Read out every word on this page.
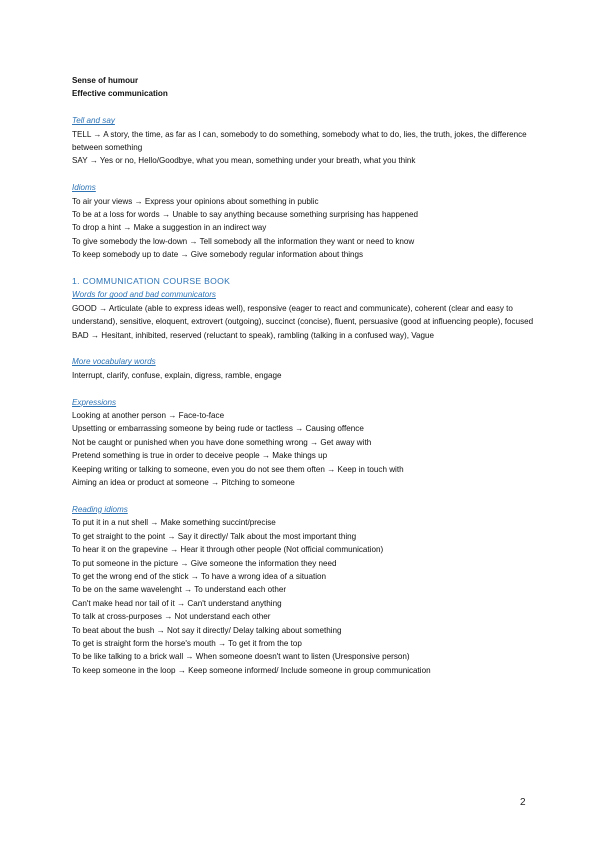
Sense of humour

Effective communication

Tell and say

TELL → A story, the time, as far as I can, somebody to do something, somebody what to do, lies, the truth, jokes, the difference between something

SAY → Yes or no, Hello/Goodbye, what you mean, something under your breath, what you think

Idioms

To air your views → Express your opinions about something in public

To be at a loss for words → Unable to say anything because something surprising has happened

To drop a hint → Make a suggestion in an indirect way

To give somebody the low-down → Tell somebody all the information they want or need to know

To keep somebody up to date → Give somebody regular information about things

1. COMMUNICATION COURSE BOOK

Words for good and bad communicators

GOOD → Articulate (able to express ideas well), responsive (eager to react and communicate), coherent (clear and easy to understand), sensitive, eloquent, extrovert (outgoing), succinct (concise), fluent, persuasive (good at influencing people), focused

BAD → Hesitant, inhibited, reserved (reluctant to speak), rambling (talking in a confused way), Vague

More vocabulary words

Interrupt, clarify, confuse, explain, digress, ramble, engage

Expressions

Looking at another person → Face-to-face

Upsetting or embarrassing someone by being rude or tactless → Causing offence

Not be caught or punished when you have done something wrong → Get away with

Pretend something is true in order to deceive people → Make things up

Keeping writing or talking to someone, even you do not see them often → Keep in touch with

Aiming an idea or product at someone → Pitching to someone

Reading idioms

To put it in a nut shell → Make something succint/precise

To get straight to the point → Say it directly/ Talk about the most important thing

To hear it on the grapevine → Hear it through other people (Not official communication)

To put someone in the picture → Give someone the information they need

To get the wrong end of the stick → To have a wrong idea of a situation

To be on the same wavelenght → To understand each other

Can't make head nor tail of it → Can't understand anything

To talk at cross-purposes → Not understand each other

To beat about the bush → Not say it directly/ Delay talking about something

To get is straight form the horse's mouth → To get it from the top

To be like talking to a brick wall → When someone doesn't want to listen (Uresponsive person)

To keep someone in the loop → Keep someone informed/ Include someone in group communication

2
